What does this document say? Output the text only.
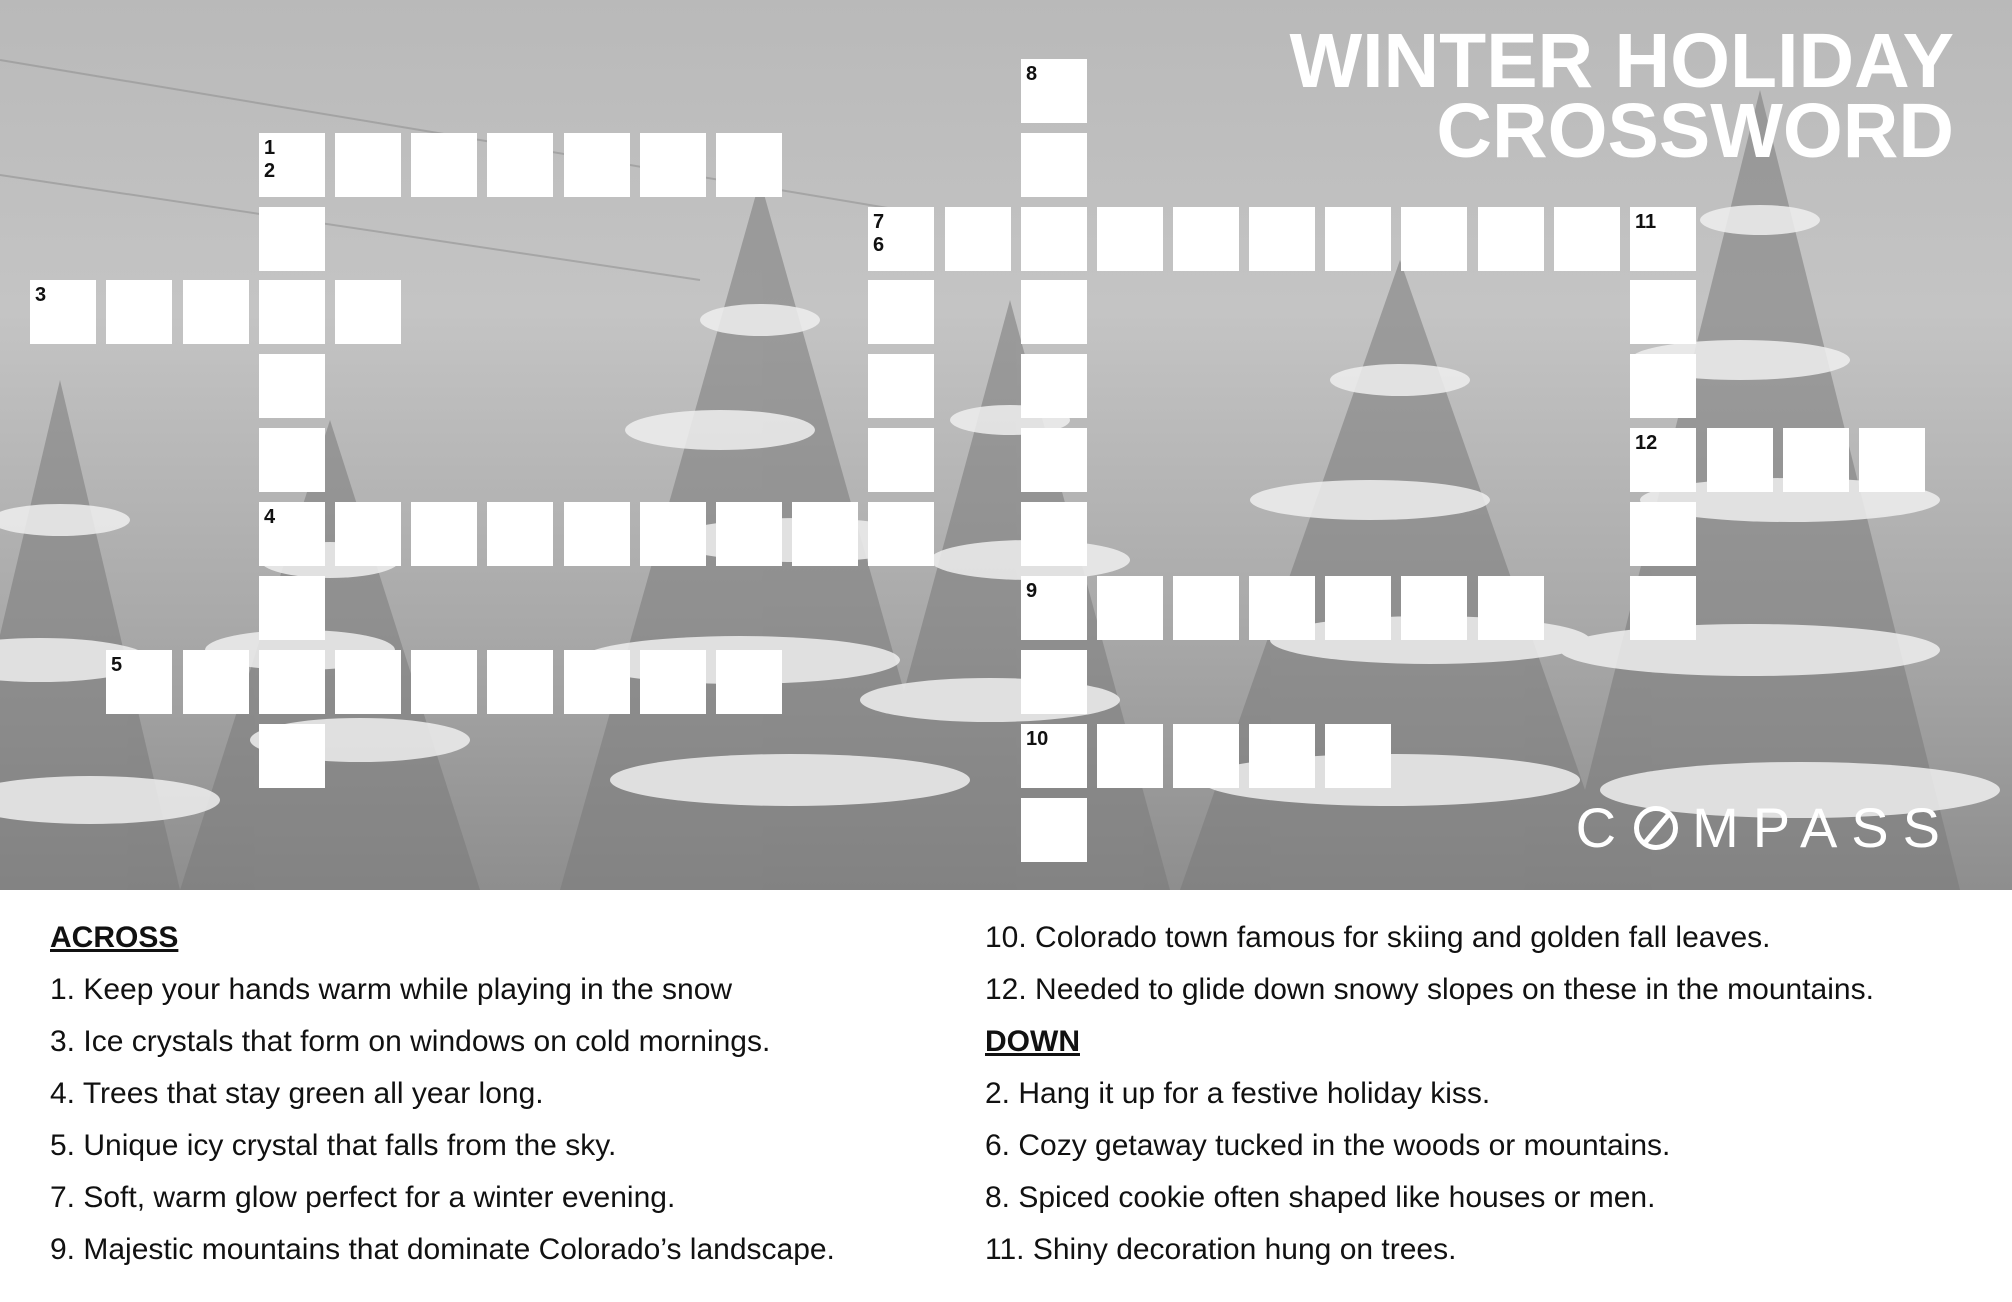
WINTER HOLIDAY
CROSSWORD
C MPASS
1
2
3
5
7
6
11
8
9
10
12
4
ACROSS
1. Keep your hands warm while playing in the snow
3. Ice crystals that form on windows on cold mornings.
4. Trees that stay green all year long.
5. Unique icy crystal that falls from the sky.
7. Soft, warm glow perfect for a winter evening.
9. Majestic mountains that dominate Colorado’s landscape.
10. Colorado town famous for skiing and golden fall leaves.
12. Needed to glide down snowy slopes on these in the mountains.
DOWN
2. Hang it up for a festive holiday kiss.
6. Cozy getaway tucked in the woods or mountains.
8. Spiced cookie often shaped like houses or men.
11. Shiny decoration hung on trees.
